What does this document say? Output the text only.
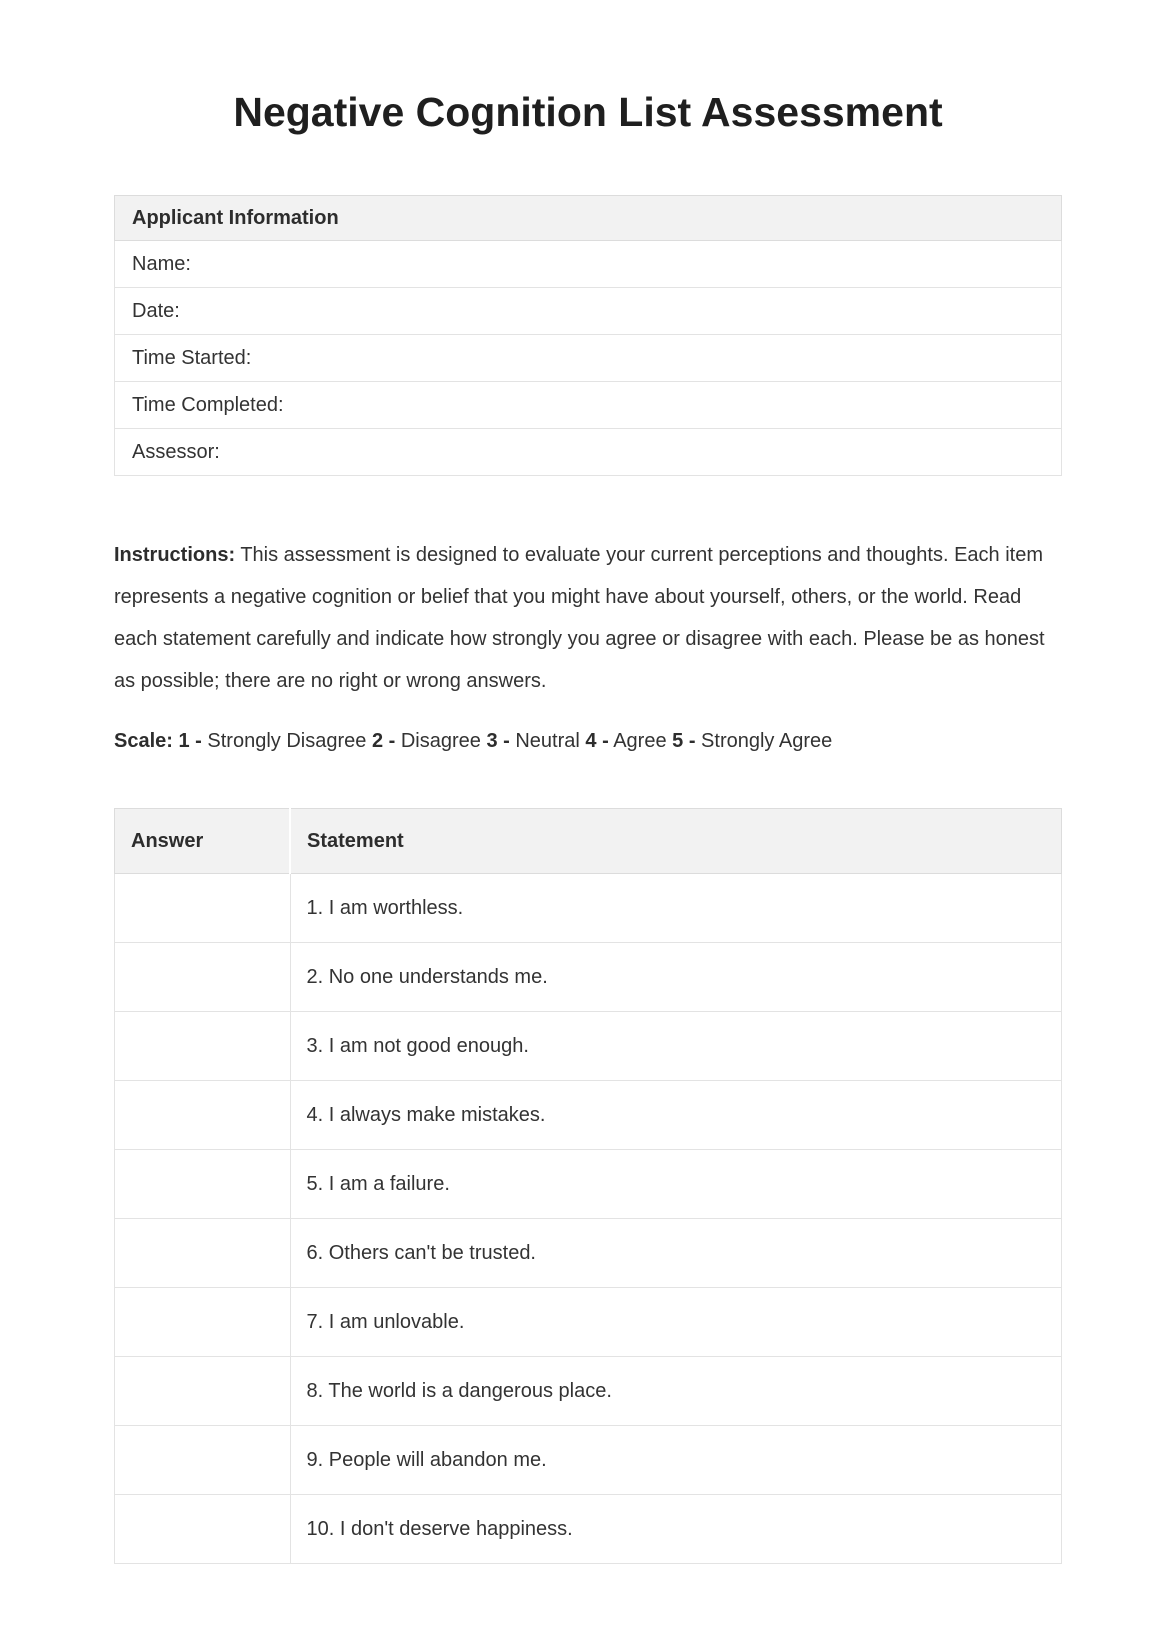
Negative Cognition List Assessment
Applicant Information
Name:
Date:
Time Started:
Time Completed:
Assessor:

Instructions: This assessment is designed to evaluate your current perceptions and thoughts. Each item represents a negative cognition or belief that you might have about yourself, others, or the world. Read each statement carefully and indicate how strongly you agree or disagree with each. Please be as honest as possible; there are no right or wrong answers.

Scale: 1 - Strongly Disagree 2 - Disagree 3 - Neutral 4 - Agree 5 - Strongly Agree

Answer	Statement
	1. I am worthless.
	2. No one understands me.
	3. I am not good enough.
	4. I always make mistakes.
	5. I am a failure.
	6. Others can't be trusted.
	7. I am unlovable.
	8. The world is a dangerous place.
	9. People will abandon me.
	10. I don't deserve happiness.
